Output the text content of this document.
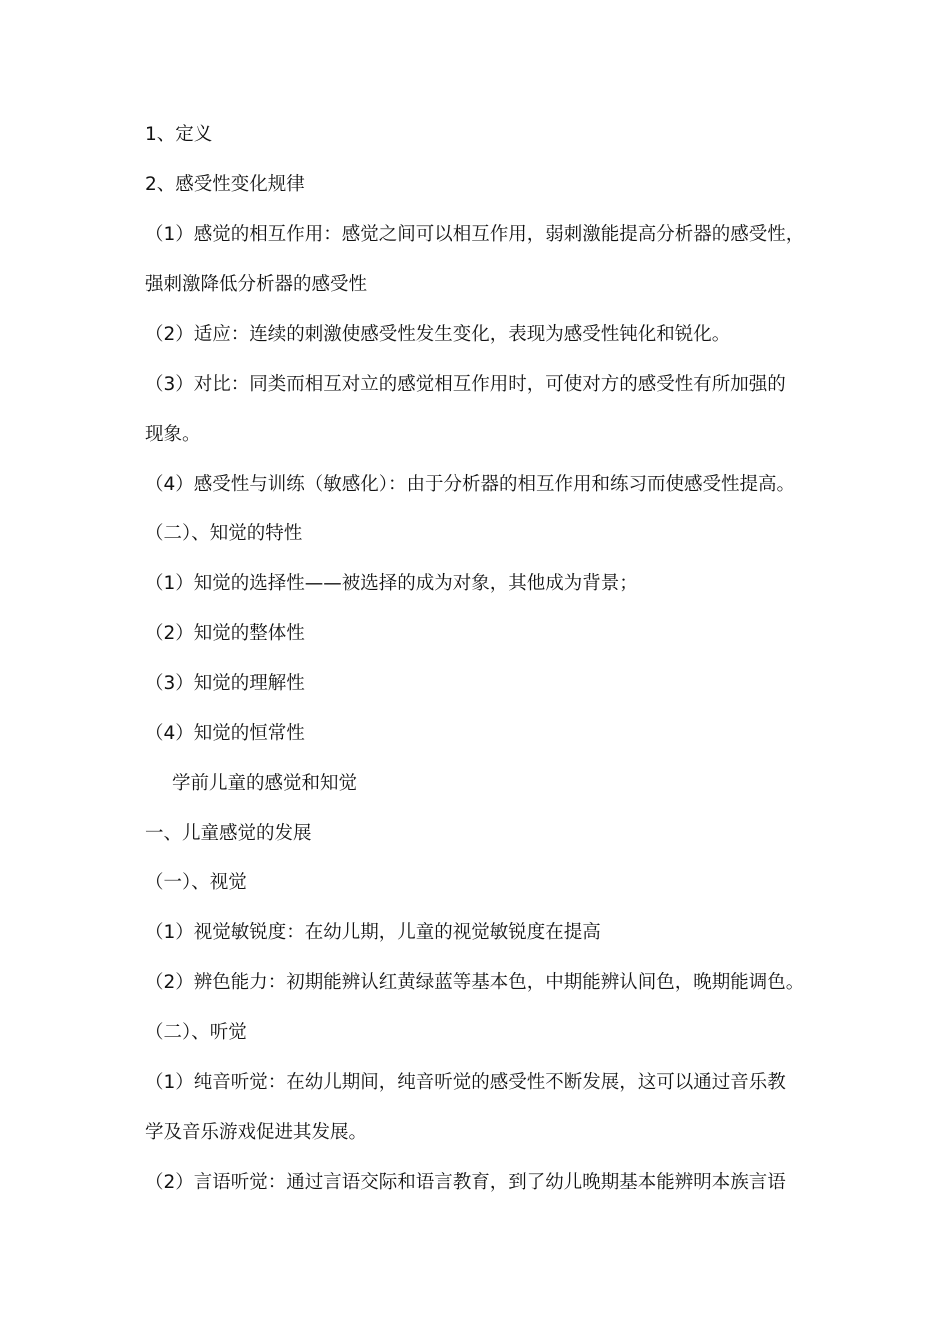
1、定义
2、感受性变化规律
（1）感觉的相互作用：感觉之间可以相互作用，弱刺激能提高分析器的感受性，
强刺激降低分析器的感受性
（2）适应：连续的刺激使感受性发生变化，表现为感受性钝化和锐化。
（3）对比：同类而相互对立的感觉相互作用时，可使对方的感受性有所加强的
现象。
（4）感受性与训练（敏感化）：由于分析器的相互作用和练习而使感受性提高。
（二）、知觉的特性
（1）知觉的选择性——被选择的成为对象，其他成为背景；
（2）知觉的整体性
（3）知觉的理解性
（4）知觉的恒常性
学前儿童的感觉和知觉
一、儿童感觉的发展
（一）、视觉
（1）视觉敏锐度：在幼儿期，儿童的视觉敏锐度在提高
（2）辨色能力：初期能辨认红黄绿蓝等基本色，中期能辨认间色，晚期能调色。
（二）、听觉
（1）纯音听觉：在幼儿期间，纯音听觉的感受性不断发展，这可以通过音乐教
学及音乐游戏促进其发展。
（2）言语听觉：通过言语交际和语言教育，到了幼儿晚期基本能辨明本族言语
